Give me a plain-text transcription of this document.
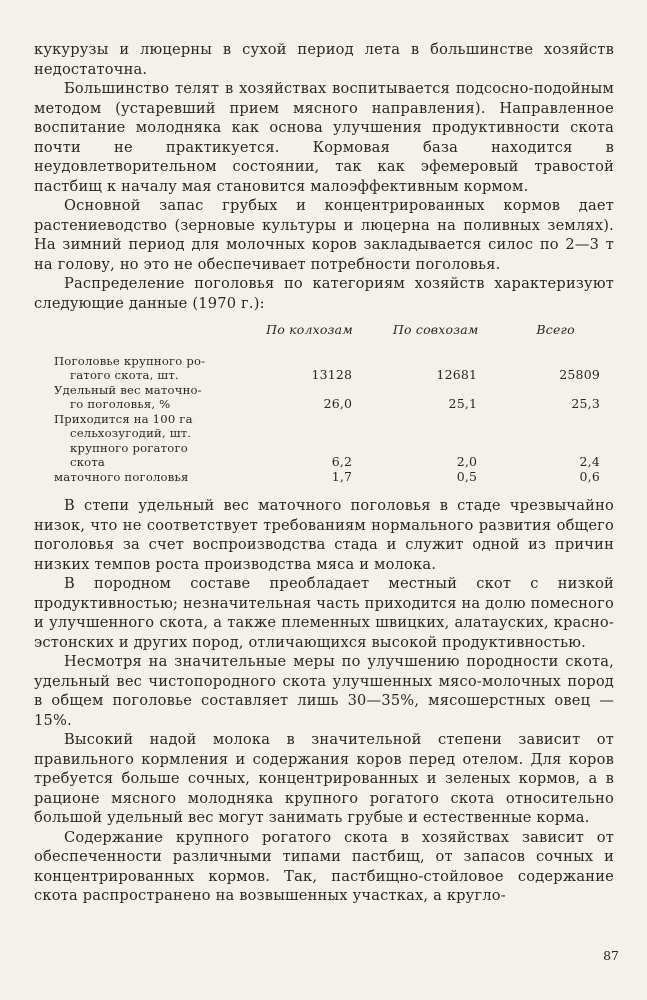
кукурузы и люцерны в сухой период лета в большинстве хозяйств недостаточна.

Большинство телят в хозяйствах воспитывается подсосно-подойным методом (устаревший прием мясного направления). Направленное воспитание молодняка как основа улучшения продуктивности скота почти не практикуется. Кормовая база находится в неудовлетворительном состоянии, так как эфемеровый травостой пастбищ к началу мая становится малоэффективным кормом.

Основной запас грубых и концентрированных кормов дает растениеводство (зерновые культуры и люцерна на поливных землях). На зимний период для молочных коров закладывается силос по 2—3 т на голову, но это не обеспечивает потребности поголовья.

Распределение поголовья по категориям хозяйств характеризуют следующие данные (1970 г.):

	По колхозам	По совхозам	Всего

Поголовье крупного ро-
гатого скота, шт.	13128	12681	25809

Удельный вес маточно-
го поголовья, %	26,0	25,1	25,3

Приходится на 100 га
сельхозугодий, шт.
крупного рогатого
скота	6,2	2,0	2,4

маточного поголовья	1,7	0,5	0,6

В степи удельный вес маточного поголовья в стаде чрезвычайно низок, что не соответствует требованиям нормального развития общего поголовья за счет воспроизводства стада и служит одной из причин низких темпов роста производства мяса и молока.

В породном составе преобладает местный скот с низкой продуктивностью; незначительная часть приходится на долю помесного и улучшенного скота, а также племенных швицких, алатауских, красно-эстонских и других пород, отличающихся высокой продуктивностью.

Несмотря на значительные меры по улучшению породности скота, удельный вес чистопородного скота улучшенных мясо-молочных пород в общем поголовье составляет лишь 30—35%, мясошерстных овец — 15%.

Высокий надой молока в значительной степени зависит от правильного кормления и содержания коров перед отелом. Для коров требуется больше сочных, концентрированных и зеленых кормов, а в рационе мясного молодняка крупного рогатого скота относительно большой удельный вес могут занимать грубые и естественные корма.

Содержание крупного рогатого скота в хозяйствах зависит от обеспеченности различными типами пастбищ, от запасов сочных и концентрированных кормов. Так, пастбищно-стойловое содержание скота распространено на возвышенных участках, а кругло-

87
